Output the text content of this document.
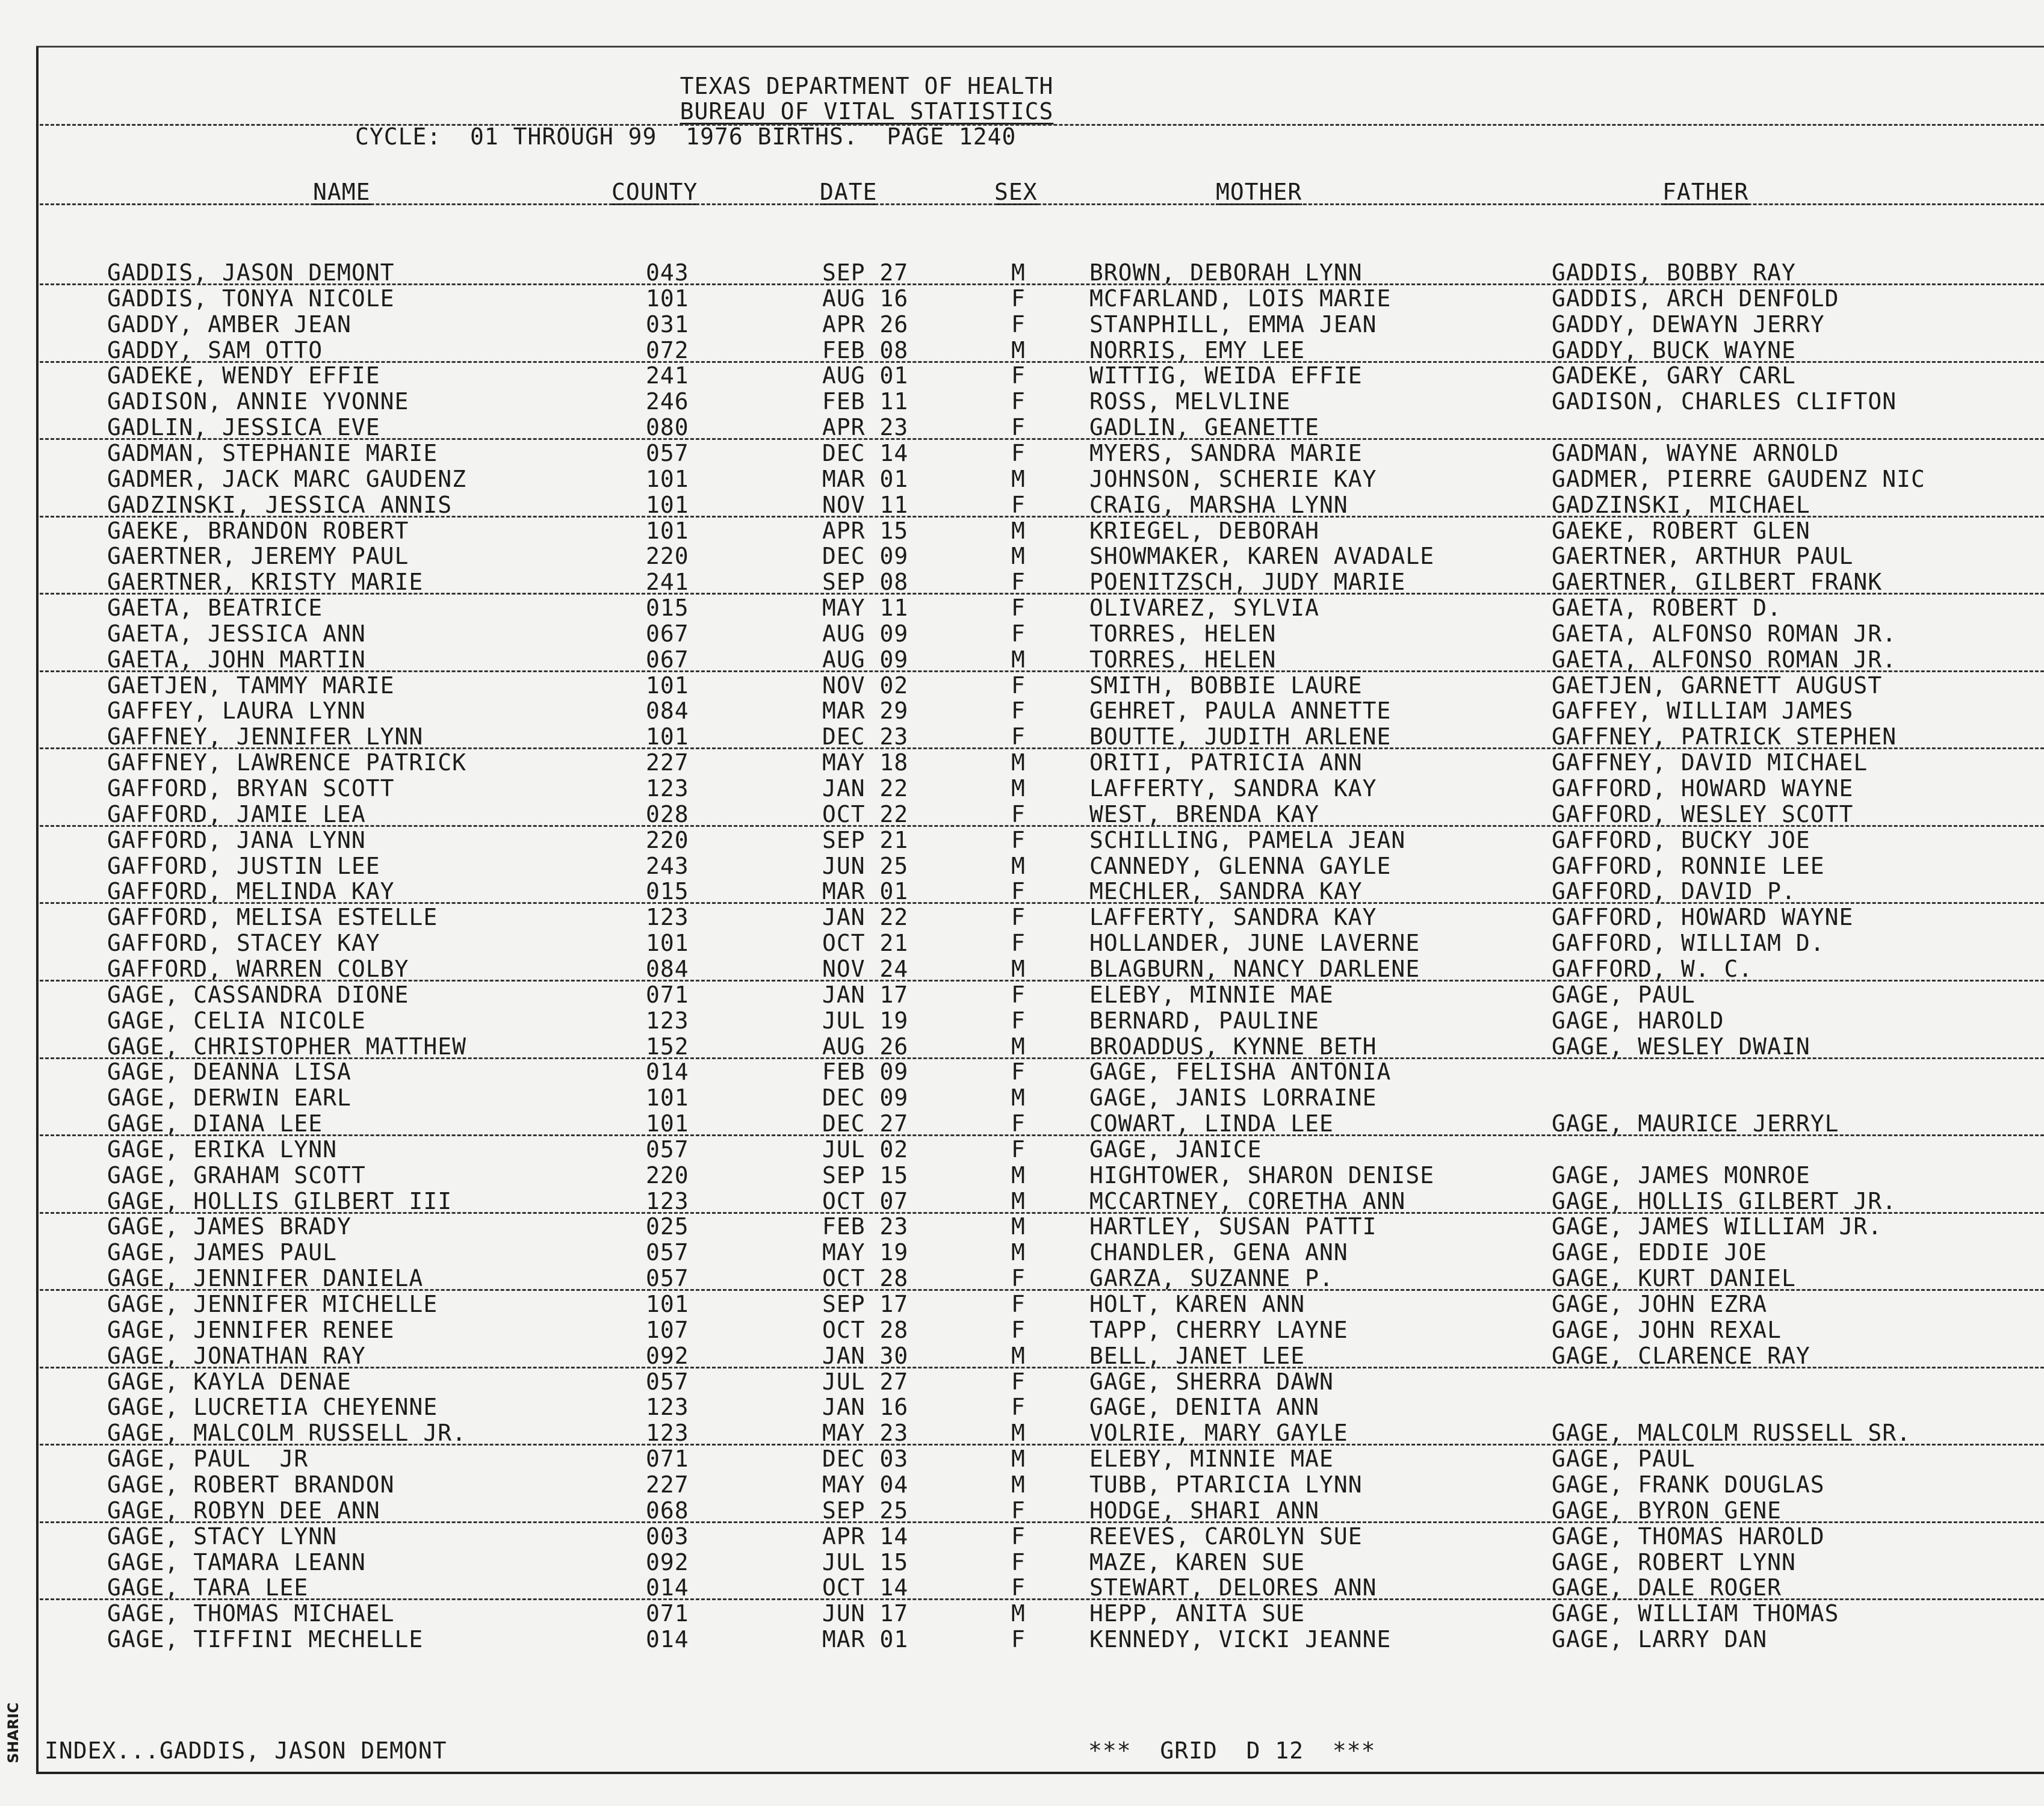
TEXAS DEPARTMENT OF HEALTH
BUREAU OF VITAL STATISTICS
CYCLE:  01 THROUGH 99  1976 BIRTHS.  PAGE 1240
NAME	COUNTY	DATE	SEX	MOTHER	FATHER
GADDIS, JASON DEMONT	043	SEP 27	M	BROWN, DEBORAH LYNN	GADDIS, BOBBY RAY
GADDIS, TONYA NICOLE	101	AUG 16	F	MCFARLAND, LOIS MARIE	GADDIS, ARCH DENFOLD
GADDY, AMBER JEAN	031	APR 26	F	STANPHILL, EMMA JEAN	GADDY, DEWAYN JERRY
GADDY, SAM OTTO	072	FEB 08	M	NORRIS, EMY LEE	GADDY, BUCK WAYNE
GADEKE, WENDY EFFIE	241	AUG 01	F	WITTIG, WEIDA EFFIE	GADEKE, GARY CARL
GADISON, ANNIE YVONNE	246	FEB 11	F	ROSS, MELVLINE	GADISON, CHARLES CLIFTON
GADLIN, JESSICA EVE	080	APR 23	F	GADLIN, GEANETTE
GADMAN, STEPHANIE MARIE	057	DEC 14	F	MYERS, SANDRA MARIE	GADMAN, WAYNE ARNOLD
GADMER, JACK MARC GAUDENZ	101	MAR 01	M	JOHNSON, SCHERIE KAY	GADMER, PIERRE GAUDENZ NIC
GADZINSKI, JESSICA ANNIS	101	NOV 11	F	CRAIG, MARSHA LYNN	GADZINSKI, MICHAEL
GAEKE, BRANDON ROBERT	101	APR 15	M	KRIEGEL, DEBORAH	GAEKE, ROBERT GLEN
GAERTNER, JEREMY PAUL	220	DEC 09	M	SHOWMAKER, KAREN AVADALE	GAERTNER, ARTHUR PAUL
GAERTNER, KRISTY MARIE	241	SEP 08	F	POENITZSCH, JUDY MARIE	GAERTNER, GILBERT FRANK
GAETA, BEATRICE	015	MAY 11	F	OLIVAREZ, SYLVIA	GAETA, ROBERT D.
GAETA, JESSICA ANN	067	AUG 09	F	TORRES, HELEN	GAETA, ALFONSO ROMAN JR.
GAETA, JOHN MARTIN	067	AUG 09	M	TORRES, HELEN	GAETA, ALFONSO ROMAN JR.
GAETJEN, TAMMY MARIE	101	NOV 02	F	SMITH, BOBBIE LAURE	GAETJEN, GARNETT AUGUST
GAFFEY, LAURA LYNN	084	MAR 29	F	GEHRET, PAULA ANNETTE	GAFFEY, WILLIAM JAMES
GAFFNEY, JENNIFER LYNN	101	DEC 23	F	BOUTTE, JUDITH ARLENE	GAFFNEY, PATRICK STEPHEN
GAFFNEY, LAWRENCE PATRICK	227	MAY 18	M	ORITI, PATRICIA ANN	GAFFNEY, DAVID MICHAEL
GAFFORD, BRYAN SCOTT	123	JAN 22	M	LAFFERTY, SANDRA KAY	GAFFORD, HOWARD WAYNE
GAFFORD, JAMIE LEA	028	OCT 22	F	WEST, BRENDA KAY	GAFFORD, WESLEY SCOTT
GAFFORD, JANA LYNN	220	SEP 21	F	SCHILLING, PAMELA JEAN	GAFFORD, BUCKY JOE
GAFFORD, JUSTIN LEE	243	JUN 25	M	CANNEDY, GLENNA GAYLE	GAFFORD, RONNIE LEE
GAFFORD, MELINDA KAY	015	MAR 01	F	MECHLER, SANDRA KAY	GAFFORD, DAVID P.
GAFFORD, MELISA ESTELLE	123	JAN 22	F	LAFFERTY, SANDRA KAY	GAFFORD, HOWARD WAYNE
GAFFORD, STACEY KAY	101	OCT 21	F	HOLLANDER, JUNE LAVERNE	GAFFORD, WILLIAM D.
GAFFORD, WARREN COLBY	084	NOV 24	M	BLAGBURN, NANCY DARLENE	GAFFORD, W. C.
GAGE, CASSANDRA DIONE	071	JAN 17	F	ELEBY, MINNIE MAE	GAGE, PAUL
GAGE, CELIA NICOLE	123	JUL 19	F	BERNARD, PAULINE	GAGE, HAROLD
GAGE, CHRISTOPHER MATTHEW	152	AUG 26	M	BROADDUS, KYNNE BETH	GAGE, WESLEY DWAIN
GAGE, DEANNA LISA	014	FEB 09	F	GAGE, FELISHA ANTONIA
GAGE, DERWIN EARL	101	DEC 09	M	GAGE, JANIS LORRAINE
GAGE, DIANA LEE	101	DEC 27	F	COWART, LINDA LEE	GAGE, MAURICE JERRYL
GAGE, ERIKA LYNN	057	JUL 02	F	GAGE, JANICE
GAGE, GRAHAM SCOTT	220	SEP 15	M	HIGHTOWER, SHARON DENISE	GAGE, JAMES MONROE
GAGE, HOLLIS GILBERT III	123	OCT 07	M	MCCARTNEY, CORETHA ANN	GAGE, HOLLIS GILBERT JR.
GAGE, JAMES BRADY	025	FEB 23	M	HARTLEY, SUSAN PATTI	GAGE, JAMES WILLIAM JR.
GAGE, JAMES PAUL	057	MAY 19	M	CHANDLER, GENA ANN	GAGE, EDDIE JOE
GAGE, JENNIFER DANIELA	057	OCT 28	F	GARZA, SUZANNE P.	GAGE, KURT DANIEL
GAGE, JENNIFER MICHELLE	101	SEP 17	F	HOLT, KAREN ANN	GAGE, JOHN EZRA
GAGE, JENNIFER RENEE	107	OCT 28	F	TAPP, CHERRY LAYNE	GAGE, JOHN REXAL
GAGE, JONATHAN RAY	092	JAN 30	M	BELL, JANET LEE	GAGE, CLARENCE RAY
GAGE, KAYLA DENAE	057	JUL 27	F	GAGE, SHERRA DAWN
GAGE, LUCRETIA CHEYENNE	123	JAN 16	F	GAGE, DENITA ANN
GAGE, MALCOLM RUSSELL JR.	123	MAY 23	M	VOLRIE, MARY GAYLE	GAGE, MALCOLM RUSSELL SR.
GAGE, PAUL  JR	071	DEC 03	M	ELEBY, MINNIE MAE	GAGE, PAUL
GAGE, ROBERT BRANDON	227	MAY 04	M	TUBB, PTARICIA LYNN	GAGE, FRANK DOUGLAS
GAGE, ROBYN DEE ANN	068	SEP 25	F	HODGE, SHARI ANN	GAGE, BYRON GENE
GAGE, STACY LYNN	003	APR 14	F	REEVES, CAROLYN SUE	GAGE, THOMAS HAROLD
GAGE, TAMARA LEANN	092	JUL 15	F	MAZE, KAREN SUE	GAGE, ROBERT LYNN
GAGE, TARA LEE	014	OCT 14	F	STEWART, DELORES ANN	GAGE, DALE ROGER
GAGE, THOMAS MICHAEL	071	JUN 17	M	HEPP, ANITA SUE	GAGE, WILLIAM THOMAS
GAGE, TIFFINI MECHELLE	014	MAR 01	F	KENNEDY, VICKI JEANNE	GAGE, LARRY DAN
INDEX...GADDIS, JASON DEMONT	***  GRID  D 12  ***
SHARIC
